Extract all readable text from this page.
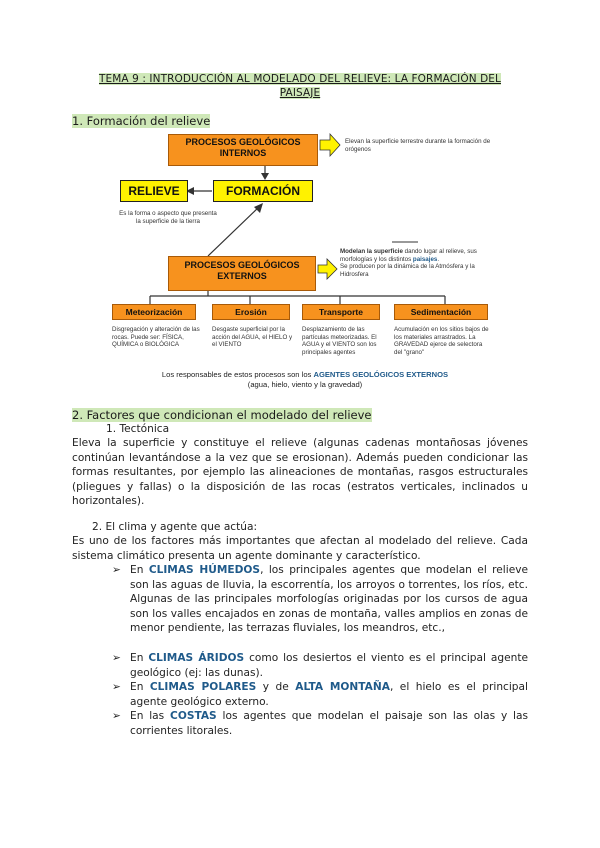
TEMA 9 : INTRODUCCIÓN AL MODELADO DEL RELIEVE: LA FORMACIÓN DEL
PAISAJE
1. Formación del relieve
PROCESOS GEOLÓGICOS
INTERNOS
Elevan la superficie terrestre durante la formación de orógenos
RELIEVE	FORMACIÓN
Es la forma o aspecto que presenta la superficie de la tierra
PROCESOS GEOLÓGICOS
EXTERNOS
Modelan la superficie dando lugar al relieve, sus morfologías y los distintos paisajes.
Se producen por la dinámica de la Atmósfera y la Hidrosfera
Meteorización	Erosión	Transporte	Sedimentación
Disgregación y alteración de las rocas. Puede ser: FÍSICA, QUÍMICA o BIOLÓGICA
Desgaste superficial por la acción del AGUA, el HIELO y el VIENTO
Desplazamiento de las partículas meteorizadas. El AGUA y el VIENTO son los principales agentes
Acumulación en los sitios bajos de los materiales arrastrados. La GRAVEDAD ejerce de selectora del "grano"
Los responsables de estos procesos son los AGENTES GEOLÓGICOS EXTERNOS
(agua, hielo, viento y la gravedad)
2. Factores que condicionan el modelado del relieve
1. Tectónica
Eleva la superficie y constituye el relieve (algunas cadenas montañosas jóvenes continúan levantándose a la vez que se erosionan). Además pueden condicionar las formas resultantes, por ejemplo las alineaciones de montañas, rasgos estructurales (pliegues y fallas) o la disposición de las rocas (estratos verticales, inclinados u horizontales).
2. El clima y agente que actúa:
Es uno de los factores más importantes que afectan al modelado del relieve. Cada sistema climático presenta un agente dominante y característico.
➢ En CLIMAS HÚMEDOS, los principales agentes que modelan el relieve son las aguas de lluvia, la escorrentía, los arroyos o torrentes, los ríos, etc. Algunas de las principales morfologías originadas por los cursos de agua son los valles encajados en zonas de montaña, valles amplios en zonas de menor pendiente, las terrazas fluviales, los meandros, etc.,
➢ En CLIMAS ÁRIDOS como los desiertos el viento es el principal agente geológico (ej: las dunas).
➢ En CLIMAS POLARES y de ALTA MONTAÑA, el hielo es el principal agente geológico externo.
➢ En las COSTAS los agentes que modelan el paisaje son las olas y las corrientes litorales.
